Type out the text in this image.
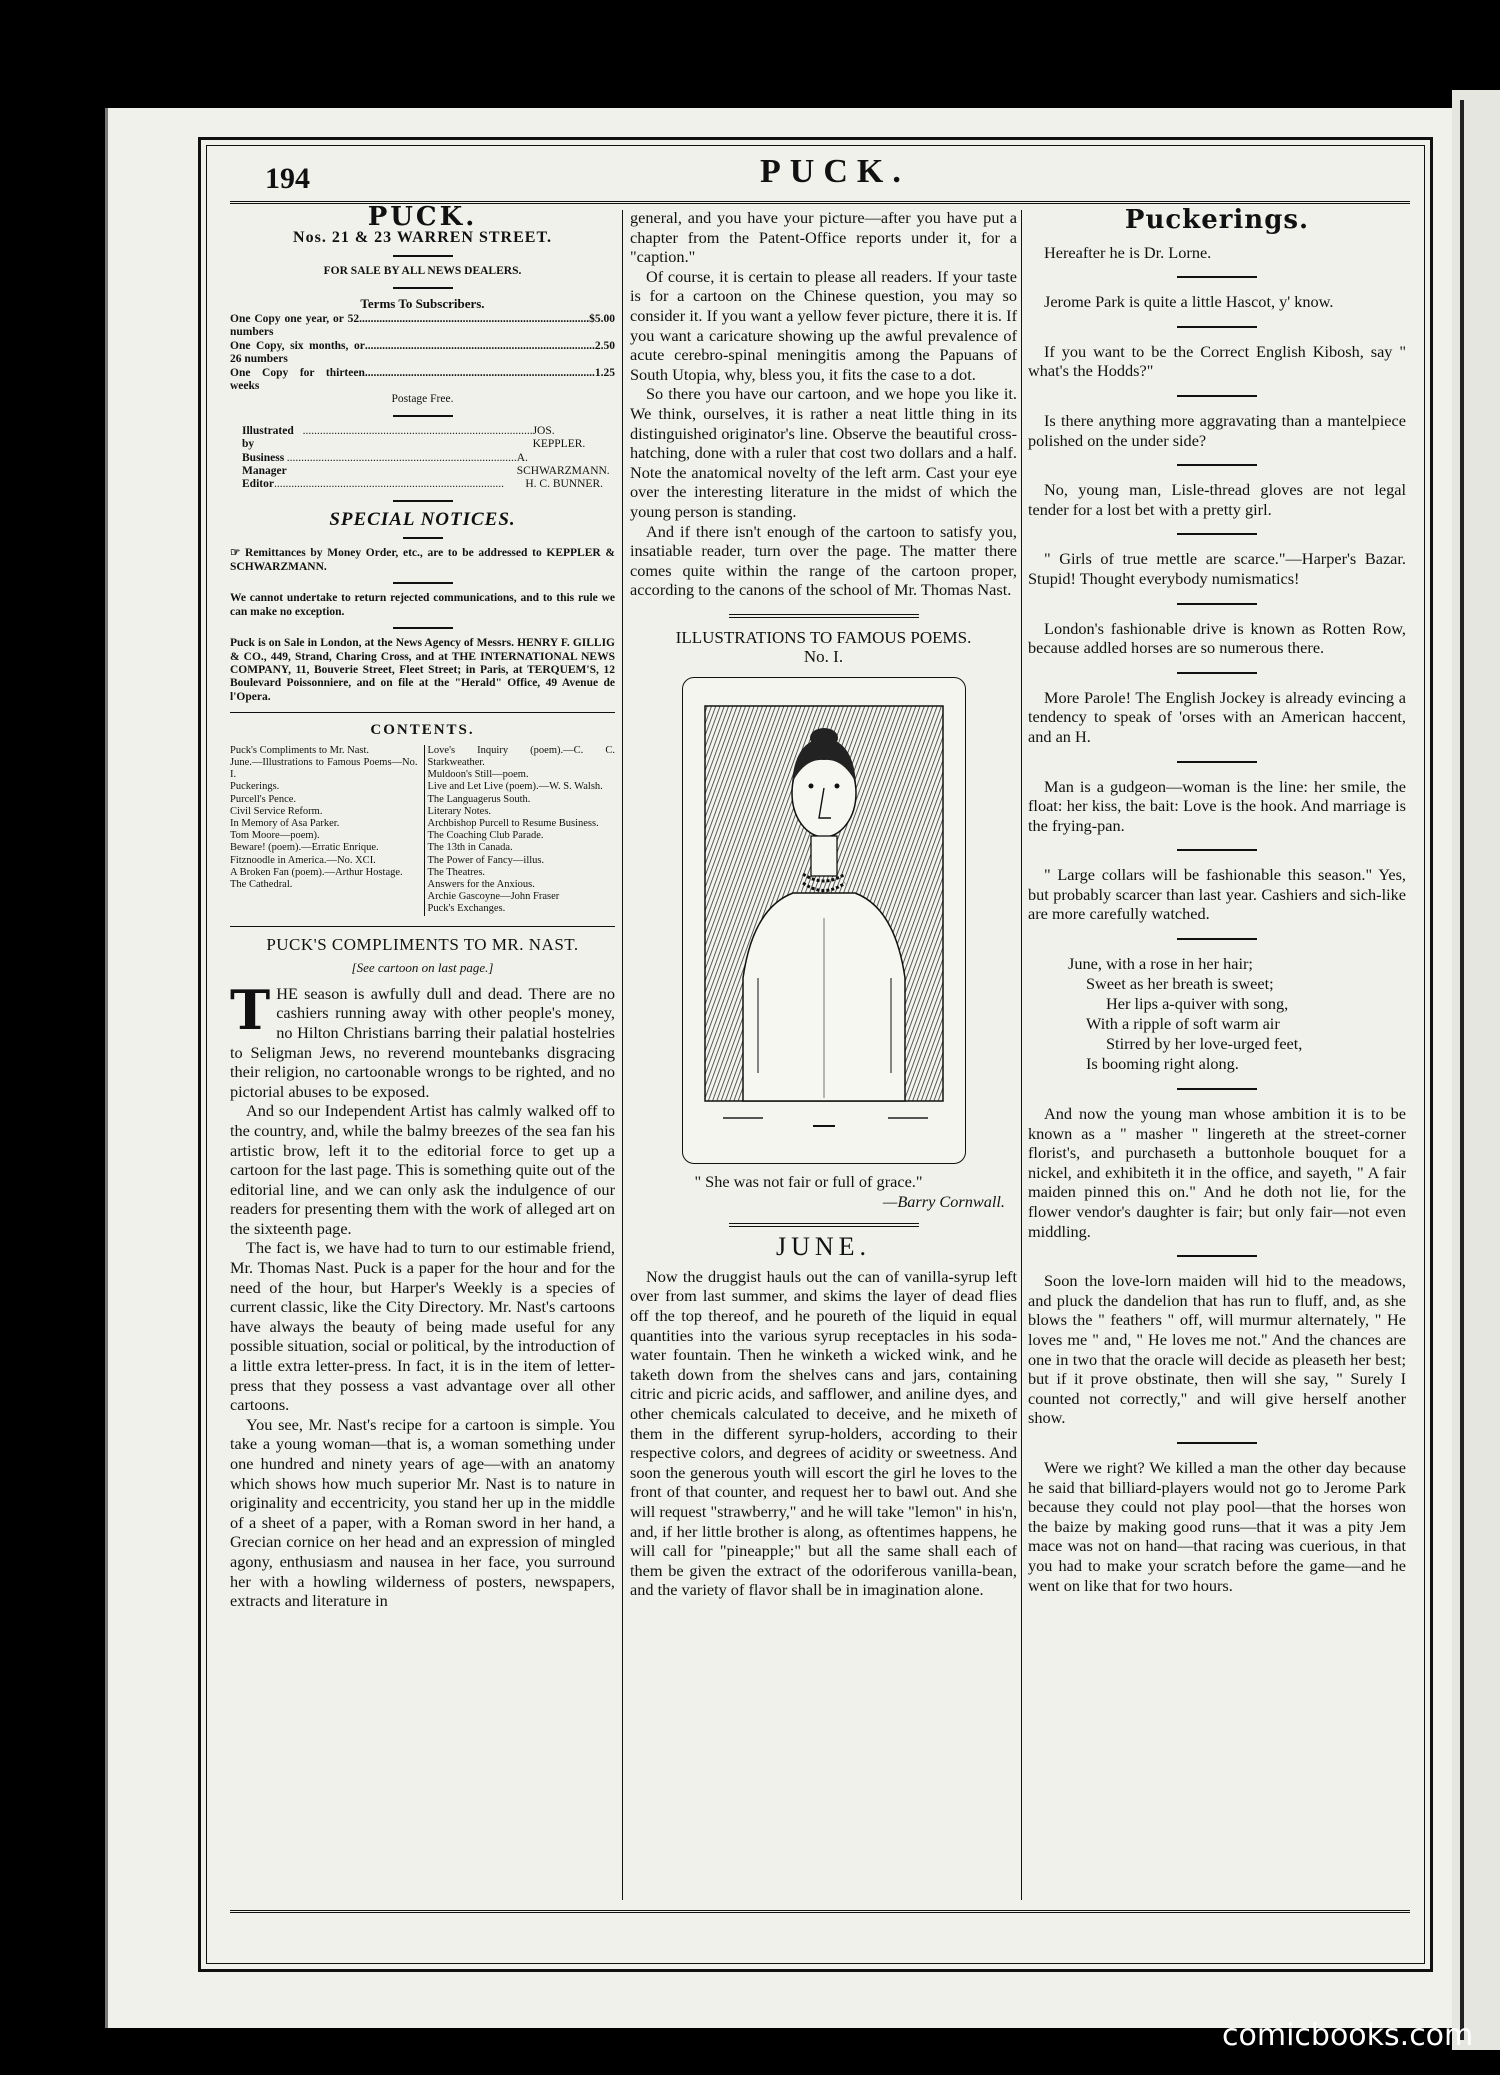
194	PUCK.
PUCK.
Nos. 21 & 23 WARREN STREET.
FOR SALE BY ALL NEWS DEALERS.
Terms To Subscribers.
One Copy one year, or 52 numbers
................................................................................ $5.00
One Copy, six months, or 26 numbers
................................................................................ 2.50
One Copy for thirteen weeks
................................................................................ 1.25
Postage Free.
Illustrated by
................................................................................ JOS. KEPPLER.
Business Manager
................................................................................ A. SCHWARZMANN.
Editor ................................................................................	H. C. BUNNER.
SPECIAL NOTICES.
☞ Remittances by Money Order, etc., are to be addressed to KEPPLER & SCHWARZMANN.
We cannot undertake to return rejected communications, and to this rule we can make no exception.
Puck is on Sale in London, at the News Agency of Messrs. HENRY F. GILLIG & CO., 449, Strand, Charing Cross, and at THE INTERNATIONAL NEWS COMPANY, 11, Bouverie Street, Fleet Street; in Paris, at TERQUEM'S, 12 Boulevard Poissonniere, and on file at the "Herald" Office, 49 Avenue de l'Opera.
CONTENTS.
Puck's Compliments to Mr. Nast.
June.—Illustrations to Famous Poems—No. I.
Puckerings.
Purcell's Pence.
Civil Service Reform.
In Memory of Asa Parker.
Tom Moore—poem).
Beware! (poem).—Erratic Enrique.
Fitznoodle in America.—No. XCI.
A Broken Fan (poem).—Arthur Hostage.
The Cathedral.
Love's Inquiry (poem).—C. C. Starkweather.
Muldoon's Still—poem.
Live and Let Live (poem).—W. S. Walsh.
The Languagerus South.
Literary Notes.
Archbishop Purcell to Resume Business.
The Coaching Club Parade.
The 13th in Canada.
The Power of Fancy—illus.
The Theatres.
Answers for the Anxious.
Archie Gascoyne—John Fraser
Puck's Exchanges.
PUCK'S COMPLIMENTS TO MR. NAST.
[See cartoon on last page.]
T HE season is awfully dull and dead. There are no cashiers running away with other people's money, no Hilton Christians barring their palatial hostelries to Seligman Jews, no reverend mountebanks disgracing their religion, no cartoonable wrongs to be righted, and no pictorial abuses to be exposed.

And so our Independent Artist has calmly walked off to the country, and, while the balmy breezes of the sea fan his artistic brow, left it to the editorial force to get up a cartoon for the last page. This is something quite out of the editorial line, and we can only ask the indulgence of our readers for presenting them with the work of alleged art on the sixteenth page.

The fact is, we have had to turn to our estimable friend, Mr. Thomas Nast. Puck is a paper for the hour and for the need of the hour, but Harper's Weekly is a species of current classic, like the City Directory. Mr. Nast's cartoons have always the beauty of being made useful for any possible situation, social or political, by the introduction of a little extra letter-press. In fact, it is in the item of letter-press that they possess a vast advantage over all other cartoons.

You see, Mr. Nast's recipe for a cartoon is simple. You take a young woman—that is, a woman something under one hundred and ninety years of age—with an anatomy which shows how much superior Mr. Nast is to nature in originality and eccentricity, you stand her up in the middle of a sheet of a paper, with a Roman sword in her hand, a Grecian cornice on her head and an expression of mingled agony, enthusiasm and nausea in her face, you surround her with a howling wilderness of posters, newspapers, extracts and literature in

general, and you have your picture—after you have put a chapter from the Patent-Office reports under it, for a "caption."

Of course, it is certain to please all readers. If your taste is for a cartoon on the Chinese question, you may so consider it. If you want a yellow fever picture, there it is. If you want a caricature showing up the awful prevalence of acute cerebro-spinal meningitis among the Papuans of South Utopia, why, bless you, it fits the case to a dot.

So there you have our cartoon, and we hope you like it. We think, ourselves, it is rather a neat little thing in its distinguished originator's line. Observe the beautiful cross-hatching, done with a ruler that cost two dollars and a half. Note the anatomical novelty of the left arm. Cast your eye over the interesting literature in the midst of which the young person is standing.

And if there isn't enough of the cartoon to satisfy you, insatiable reader, turn over the page. The matter there comes quite within the range of the cartoon proper, according to the canons of the school of Mr. Thomas Nast.

ILLUSTRATIONS TO FAMOUS POEMS.
No. I.
" She was not fair or full of grace."
—Barry Cornwall.
JUNE.

Now the druggist hauls out the can of vanilla-syrup left over from last summer, and skims the layer of dead flies off the top thereof, and he poureth of the liquid in equal quantities into the various syrup receptacles in his soda-water fountain. Then he winketh a wicked wink, and he taketh down from the shelves cans and jars, containing citric and picric acids, and safflower, and aniline dyes, and other chemicals calculated to deceive, and he mixeth of them in the different syrup-holders, according to their respective colors, and degrees of acidity or sweetness. And soon the generous youth will escort the girl he loves to the front of that counter, and request her to bawl out. And she will request "strawberry," and he will take "lemon" in his'n, and, if her little brother is along, as oftentimes happens, he will call for "pineapple;" but all the same shall each of them be given the extract of the odoriferous vanilla-bean, and the variety of flavor shall be in imagination alone.

Puckerings.

Hereafter he is Dr. Lorne.

Jerome Park is quite a little Hascot, y' know.

If you want to be the Correct English Kibosh, say " what's the Hodds?"

Is there anything more aggravating than a mantelpiece polished on the under side?

No, young man, Lisle-thread gloves are not legal tender for a lost bet with a pretty girl.

" Girls of true mettle are scarce."—Harper's Bazar. Stupid! Thought everybody numismatics!

London's fashionable drive is known as Rotten Row, because addled horses are so numerous there.

More Parole! The English Jockey is already evincing a tendency to speak of 'orses with an American haccent, and an H.

Man is a gudgeon—woman is the line: her smile, the float: her kiss, the bait: Love is the hook. And marriage is the frying-pan.

" Large collars will be fashionable this season." Yes, but probably scarcer than last year. Cashiers and sich-like are more carefully watched.

June, with a rose in her hair;
Sweet as her breath is sweet;
Her lips a-quiver with song,
With a ripple of soft warm air
Stirred by her love-urged feet,
Is booming right along.

And now the young man whose ambition it is to be known as a " masher " lingereth at the street-corner florist's, and purchaseth a buttonhole bouquet for a nickel, and exhibiteth it in the office, and sayeth, " A fair maiden pinned this on." And he doth not lie, for the flower vendor's daughter is fair; but only fair—not even middling.

Soon the love-lorn maiden will hid to the meadows, and pluck the dandelion that has run to fluff, and, as she blows the " feathers " off, will murmur alternately, " He loves me " and, " He loves me not." And the chances are one in two that the oracle will decide as pleaseth her best; but if it prove obstinate, then will she say, " Surely I counted not correctly," and will give herself another show.

Were we right? We killed a man the other day because he said that billiard-players would not go to Jerome Park because they could not play pool—that the horses won the baize by making good runs—that it was a pity Jem mace was not on hand—that racing was cuerious, in that you had to make your scratch before the game—and he went on like that for two hours.

comicbooks.com
